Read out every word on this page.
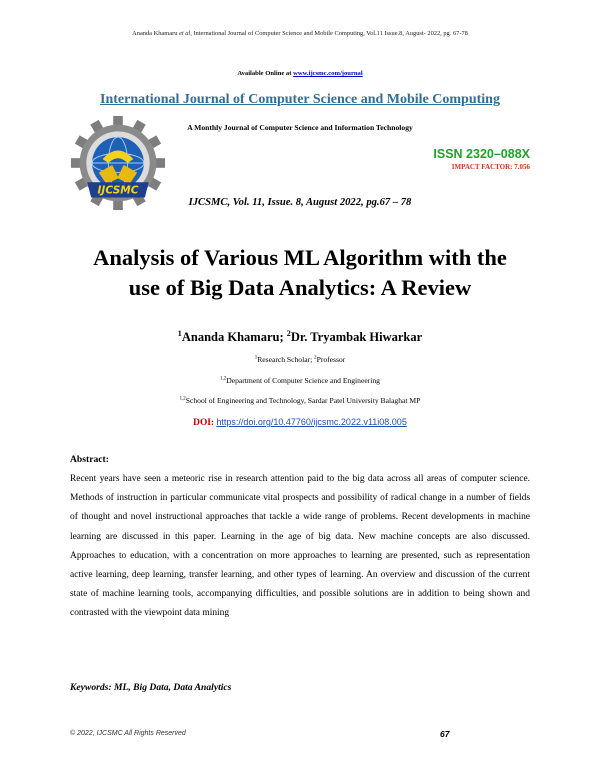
Ananda Khamaru et al, International Journal of Computer Science and Mobile Computing, Vol.11 Issue.8, August- 2022, pg. 67-78
Available Online at www.ijcsmc.com/journal
International Journal of Computer Science and Mobile Computing
A Monthly Journal of Computer Science and Information Technology
IJCSMC
ISSN 2320–088X
IMPACT FACTOR: 7.056
IJCSMC, Vol. 11, Issue. 8, August 2022, pg.67 – 78
Analysis of Various ML Algorithm with the
use of Big Data Analytics: A Review
$^1$Ananda Khamaru; $^2$Dr. Tryambak Hiwarkar
$^1$Research Scholar; $^2$Professor
$^{1,2}$Department of Computer Science and Engineering
$^{1,2}$School of Engineering and Technology, Sardar Patel University Balaghat MP
DOI: https://doi.org/10.47760/ijcsmc.2022.v11i08.005
Abstract:
Recent years have seen a meteoric rise in research attention paid to the big data across all areas of computer science. Methods of instruction in particular communicate vital prospects and possibility of radical change in a number of fields of thought and novel instructional approaches that tackle a wide range of problems. Recent developments in machine learning are discussed in this paper. Learning in the age of big data. New machine concepts are also discussed. Approaches to education, with a concentration on more approaches to learning are presented, such as representation active learning, deep learning, transfer learning, and other types of learning. An overview and discussion of the current state of machine learning tools, accompanying difficulties, and possible solutions are in addition to being shown and contrasted with the viewpoint data mining
Keywords: ML, Big Data, Data Analytics
© 2022, IJCSMC All Rights Reserved	67
